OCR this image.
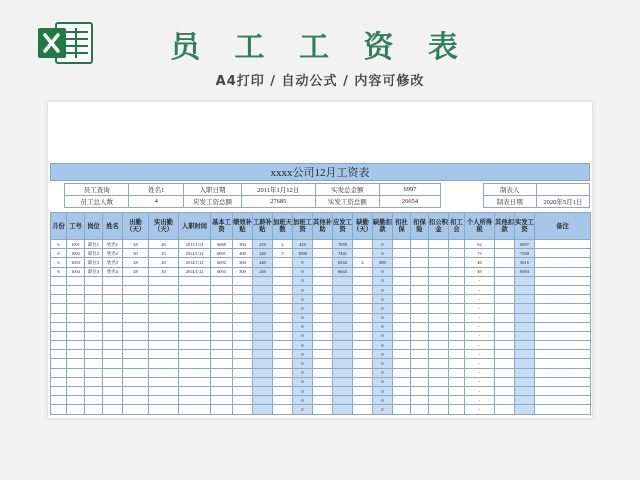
员 工 工 资 表
A4打印 / 自动公式 / 内容可修改
xxxx公司12月工资表
	员工查询	姓名1	入职日期	2011年1月12日	实发总金额	6997			制表人	
	员工总人数	4	应发工资总额	27685	实发工资总额	26654			制表日期	2020年5月1日
月份	工号	岗位	姓名	出勤（天）	实出勤（天）	入职时间	基本工资	绩效补贴	工龄补贴	加班天数	加班工资	其他补助	应发工资	缺勤（天）	缺勤扣款	扣社保	扣保险	扣公积金	扣工会	个人所得税	其他扣款	实发工资	备注
6	1001	职位1	姓名1	28	26	2011/1/12	6669	300	220	2	420		7059		0					62		6997	
6	1002	职位2	姓名2	30	25	2014/1/12	6001	200	240	5	1000		7441		0					73		7368	
6	1003	职位3	姓名3	28	20	2014/1/12	6002	300	240		0		6542	4	880					46		5616	
6	1004	职位4	姓名4	28	30	2014/1/12	6003	300	240		0		6643		0					49		6594	
											0				0					-			
											0				0					-			
											0				0					-			
											0				0					-			
											0				0					-			
											0				0					-			
											0				0					-			
											0				0					-			
											0				0					-			
											0				0					-			
											0				0					-			
											0				0					-			
											0				0					-			
											0				0					-			
											0				0					-			
